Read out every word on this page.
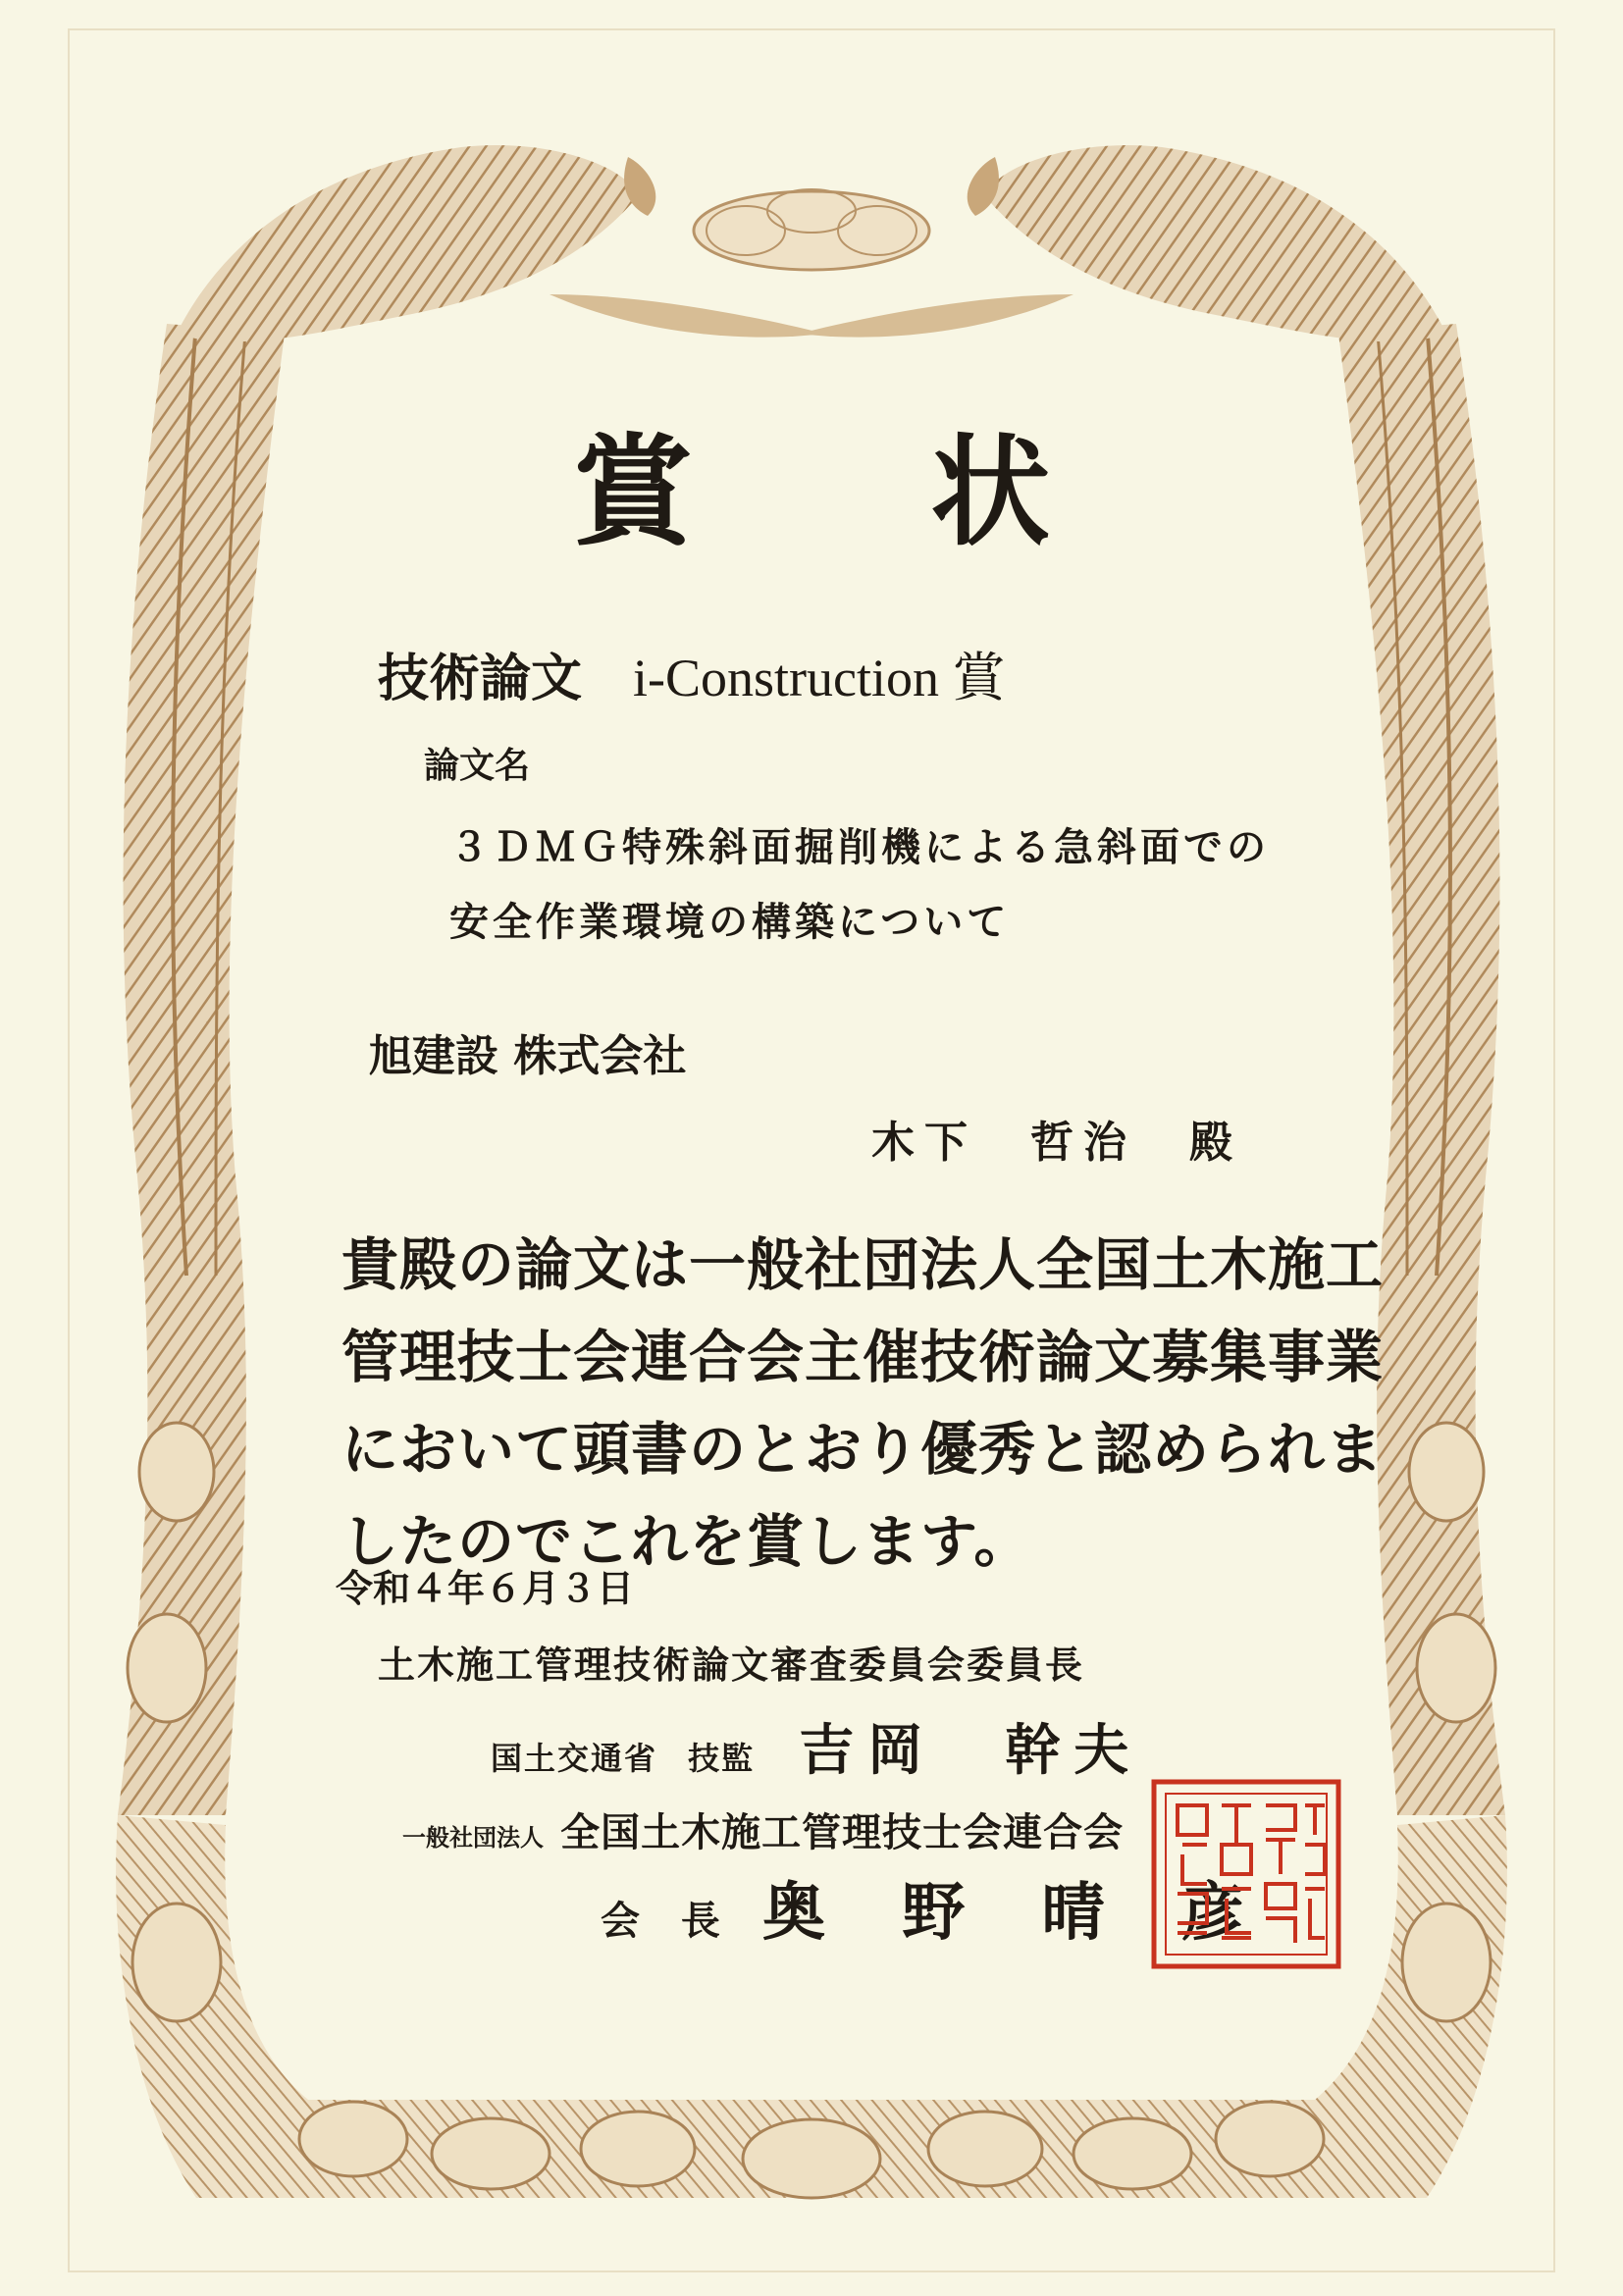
賞 状
技術論文 i-Construction 賞
論文名
３ＤＭＧ特殊斜面掘削機による急斜面での
安全作業環境の構築について
旭建設 株式会社
木下　哲治　殿
貴殿の論文は一般社団法人全国土木施工
管理技士会連合会主催技術論文募集事業
において頭書のとおり優秀と認められま
したのでこれを賞します。
令和４年６月３日
土木施工管理技術論文審査委員会委員長
国土交通省 技監 吉岡　幹夫
一般社団法人 全国土木施工管理技士会連合会
会 長 奥 野 晴 彦
